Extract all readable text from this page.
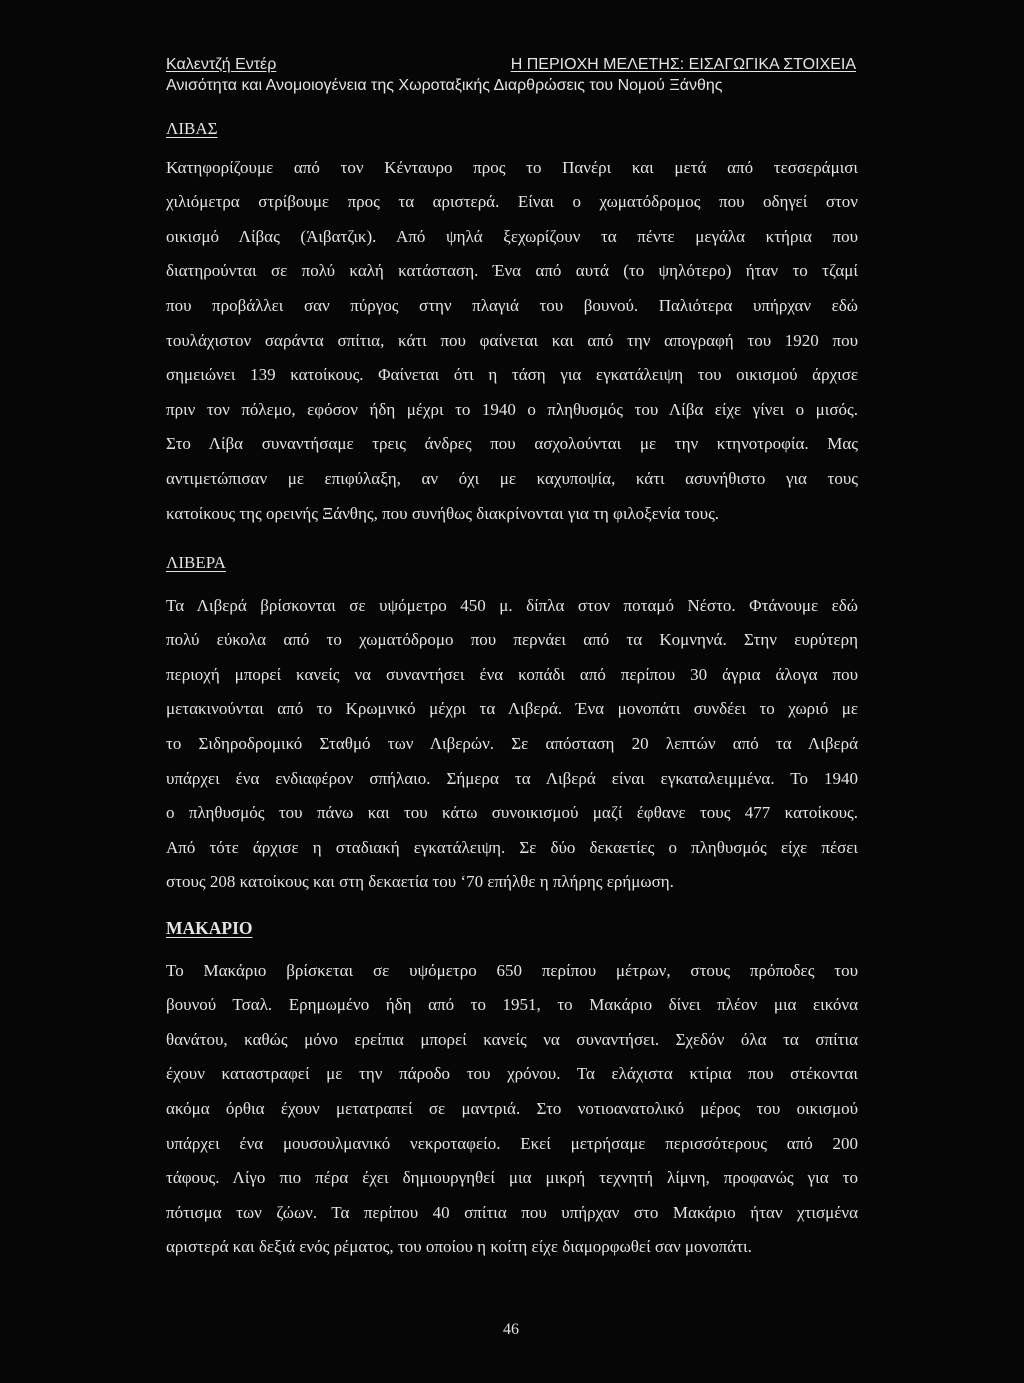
Καλεντζή Εντέρ	Η ΠΕΡΙΟΧΗ ΜΕΛΕΤΗΣ: ΕΙΣΑΓΩΓΙΚΑ ΣΤΟΙΧΕΙΑ
Ανισότητα και Ανομοιογένεια της Χωροταξικής Διαρθρώσεις του Νομού Ξάνθης
ΛΙΒΑΣ
Κατηφορίζουμε από τον Κένταυρο προς το Πανέρι και μετά από τεσσεράμισι
χιλιόμετρα στρίβουμε προς τα αριστερά. Είναι ο χωματόδρομος που οδηγεί στον
οικισμό Λίβας (Άιβατζικ). Από ψηλά ξεχωρίζουν τα πέντε μεγάλα κτήρια που
διατηρούνται σε πολύ καλή κατάσταση. Ένα από αυτά (το ψηλότερο) ήταν το τζαμί
που προβάλλει σαν πύργος στην πλαγιά του βουνού. Παλιότερα υπήρχαν εδώ
τουλάχιστον σαράντα σπίτια, κάτι που φαίνεται και από την απογραφή του 1920 που
σημειώνει 139 κατοίκους. Φαίνεται ότι η τάση για εγκατάλειψη του οικισμού άρχισε
πριν τον πόλεμο, εφόσον ήδη μέχρι το 1940 ο πληθυσμός του Λίβα είχε γίνει ο μισός.
Στο Λίβα συναντήσαμε τρεις άνδρες που ασχολούνται με την κτηνοτροφία. Μας
αντιμετώπισαν με επιφύλαξη, αν όχι με καχυποψία, κάτι ασυνήθιστο για τους
κατοίκους της ορεινής Ξάνθης, που συνήθως διακρίνονται για τη φιλοξενία τους.
ΛΙΒΕΡΑ
Τα Λιβερά βρίσκονται σε υψόμετρο 450 μ. δίπλα στον ποταμό Νέστο. Φτάνουμε εδώ
πολύ εύκολα από το χωματόδρομο που περνάει από τα Κομνηνά. Στην ευρύτερη
περιοχή μπορεί κανείς να συναντήσει ένα κοπάδι από περίπου 30 άγρια άλογα που
μετακινούνται από το Κρωμνικό μέχρι τα Λιβερά. Ένα μονοπάτι συνδέει το χωριό με
το Σιδηροδρομικό Σταθμό των Λιβερών. Σε απόσταση 20 λεπτών από τα Λιβερά
υπάρχει ένα ενδιαφέρον σπήλαιο. Σήμερα τα Λιβερά είναι εγκαταλειμμένα. Το 1940
ο πληθυσμός του πάνω και του κάτω συνοικισμού μαζί έφθανε τους 477 κατοίκους.
Από τότε άρχισε η σταδιακή εγκατάλειψη. Σε δύο δεκαετίες ο πληθυσμός είχε πέσει
στους 208 κατοίκους και στη δεκαετία του ‘70 επήλθε η πλήρης ερήμωση.
ΜΑΚΑΡΙΟ
Το Μακάριο βρίσκεται σε υψόμετρο 650 περίπου μέτρων, στους πρόποδες του
βουνού Τσαλ. Ερημωμένο ήδη από το 1951, το Μακάριο δίνει πλέον μια εικόνα
θανάτου, καθώς μόνο ερείπια μπορεί κανείς να συναντήσει. Σχεδόν όλα τα σπίτια
έχουν καταστραφεί με την πάροδο του χρόνου. Τα ελάχιστα κτίρια που στέκονται
ακόμα όρθια έχουν μετατραπεί σε μαντριά. Στο νοτιοανατολικό μέρος του οικισμού
υπάρχει ένα μουσουλμανικό νεκροταφείο. Εκεί μετρήσαμε περισσότερους από 200
τάφους. Λίγο πιο πέρα έχει δημιουργηθεί μια μικρή τεχνητή λίμνη, προφανώς για το
πότισμα των ζώων. Τα περίπου 40 σπίτια που υπήρχαν στο Μακάριο ήταν χτισμένα
αριστερά και δεξιά ενός ρέματος, του οποίου η κοίτη είχε διαμορφωθεί σαν μονοπάτι.
46
